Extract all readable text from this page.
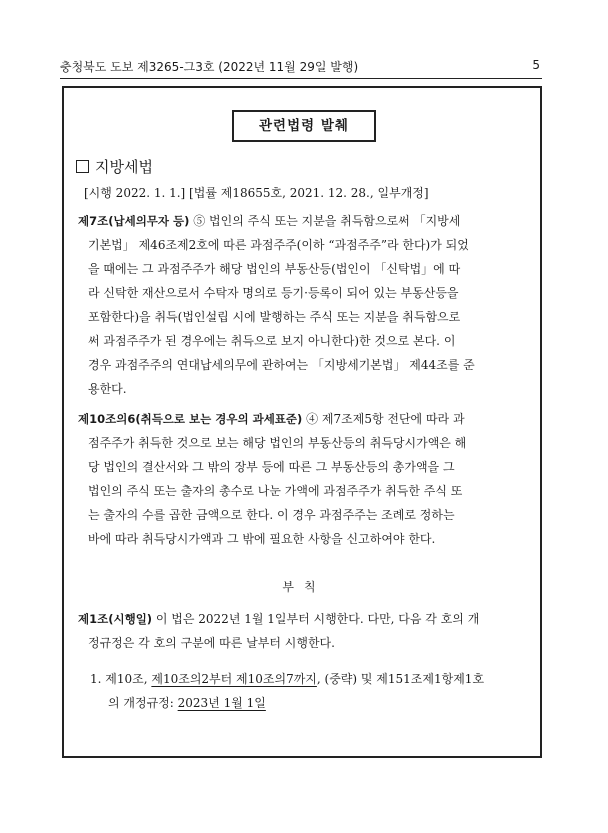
충청북도 도보 제3265-그3호 (2022년 11월 29일 발행)	5
관련법령 발췌
지방세법
[시행 2022. 1. 1.] [법률 제18655호, 2021. 12. 28., 일부개정]
제7조(납세의무자 등) ⑤ 법인의 주식 또는 지분을 취득함으로써 「지방세
기본법」 제46조제2호에 따른 과점주주(이하 “과점주주”라 한다)가 되었
을 때에는 그 과점주주가 해당 법인의 부동산등(법인이 「신탁법」에 따
라 신탁한 재산으로서 수탁자 명의로 등기·등록이 되어 있는 부동산등을
포함한다)을 취득(법인설립 시에 발행하는 주식 또는 지분을 취득함으로
써 과점주주가 된 경우에는 취득으로 보지 아니한다)한 것으로 본다. 이
경우 과점주주의 연대납세의무에 관하여는 「지방세기본법」 제44조를 준
용한다.
제10조의6(취득으로 보는 경우의 과세표준) ④ 제7조제5항 전단에 따라 과
점주주가 취득한 것으로 보는 해당 법인의 부동산등의 취득당시가액은 해
당 법인의 결산서와 그 밖의 장부 등에 따른 그 부동산등의 총가액을 그
법인의 주식 또는 출자의 총수로 나눈 가액에 과점주주가 취득한 주식 또
는 출자의 수를 곱한 금액으로 한다. 이 경우 과점주주는 조례로 정하는
바에 따라 취득당시가액과 그 밖에 필요한 사항을 신고하여야 한다.
부칙
제1조(시행일) 이 법은 2022년 1월 1일부터 시행한다. 다만, 다음 각 호의 개
정규정은 각 호의 구분에 따른 날부터 시행한다.
1. 제10조, 제10조의2부터 제10조의7까지, (중략) 및 제151조제1항제1호
의 개정규정: 2023년 1월 1일
